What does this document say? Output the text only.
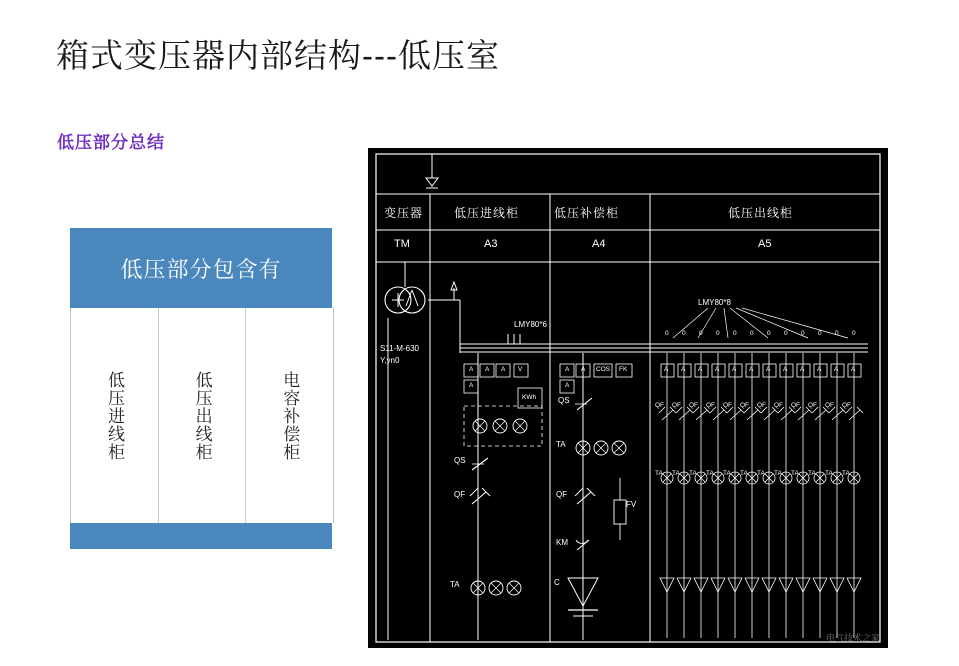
箱式变压器内部结构---低压室
低压部分总结
低压部分包含有
低压进线柜	低压出线柜	电容补偿柜
变压器	低压进线柜	低压补偿柜	低压出线柜
TM	A3	A4	A5
S11-M-630
Y,yn0
LMY80*6
LMY80*8
A A A V
A
KWh
QS
QF
TA
A A COS FK
A
QS
TA
QF
KM
C
FV
A A A A A A A A A A A A
QF QF QF QF QF QF QF QF QF QF QF QF
TA TA TA TA TA TA TA TA TA TA TA TA
0 0 0 0 0 0 0 0 0 0 0 0
电气技术之家
